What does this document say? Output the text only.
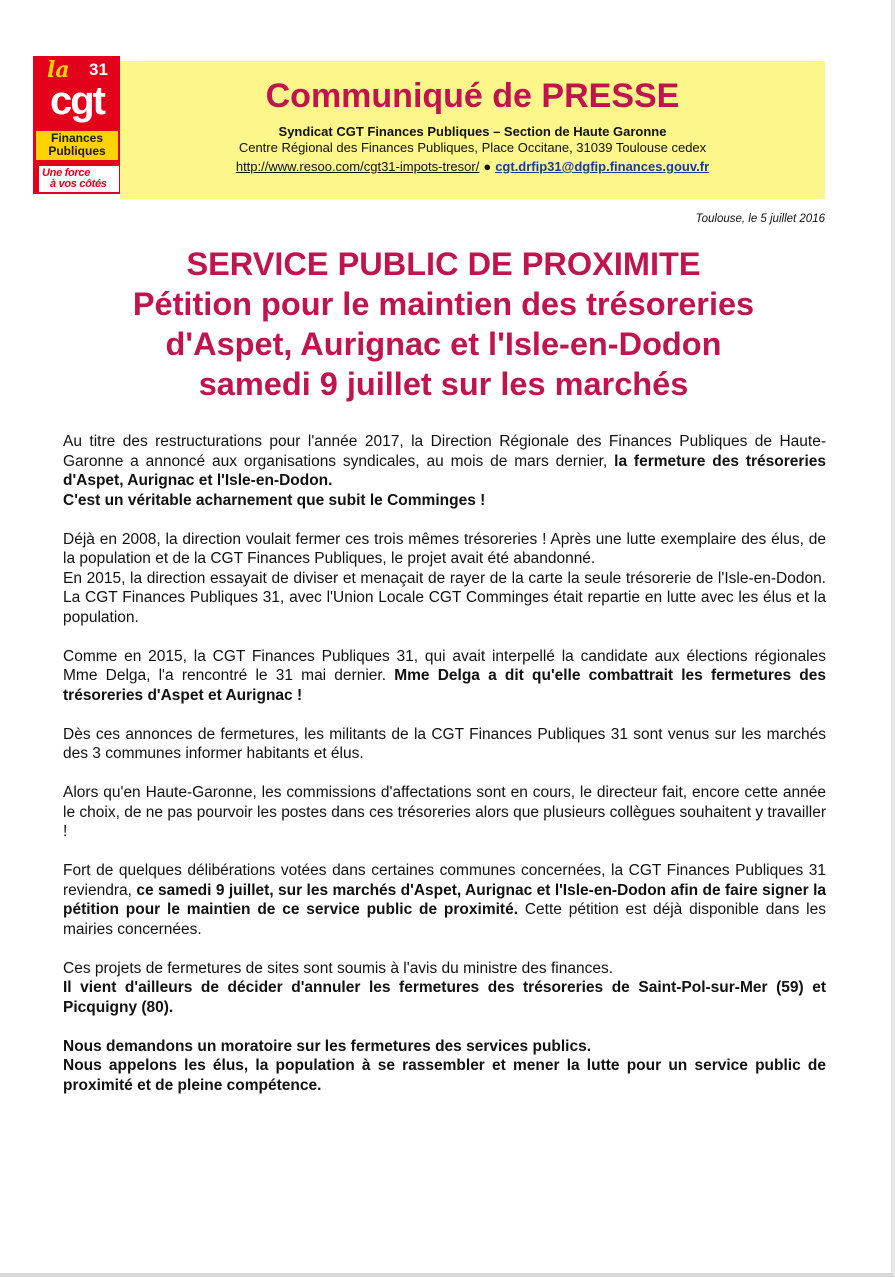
la 31
cgt
Finances
Publiques
Une force
à vos côtés
Communiqué de PRESSE
Syndicat CGT Finances Publiques – Section de Haute Garonne
Centre Régional des Finances Publiques, Place Occitane, 31039 Toulouse cedex
http://www.resoo.com/cgt31-impots-tresor/ ● cgt.drfip31@dgfip.finances.gouv.fr
Toulouse, le 5 juillet 2016
SERVICE PUBLIC DE PROXIMITE
Pétition pour le maintien des trésoreries
d'Aspet, Aurignac et l'Isle-en-Dodon
samedi 9 juillet sur les marchés

Au titre des restructurations pour l'année 2017, la Direction Régionale des Finances Publiques de Haute-Garonne a annoncé aux organisations syndicales, au mois de mars dernier, la fermeture des trésoreries d'Aspet, Aurignac et l'Isle-en-Dodon.
C'est un véritable acharnement que subit le Comminges !

Déjà en 2008, la direction voulait fermer ces trois mêmes trésoreries ! Après une lutte exemplaire des élus, de la population et de la CGT Finances Publiques, le projet avait été abandonné.
En 2015, la direction essayait de diviser et menaçait de rayer de la carte la seule trésorerie de l'Isle-en-Dodon. La CGT Finances Publiques 31, avec l'Union Locale CGT Comminges était repartie en lutte avec les élus et la population.

Comme en 2015, la CGT Finances Publiques 31, qui avait interpellé la candidate aux élections régionales Mme Delga, l'a rencontré le 31 mai dernier. Mme Delga a dit qu'elle combattrait les fermetures des trésoreries d'Aspet et Aurignac !

Dès ces annonces de fermetures, les militants de la CGT Finances Publiques 31 sont venus sur les marchés des 3 communes informer habitants et élus.

Alors qu'en Haute-Garonne, les commissions d'affectations sont en cours, le directeur fait, encore cette année le choix, de ne pas pourvoir les postes dans ces trésoreries alors que plusieurs collègues souhaitent y travailler !

Fort de quelques délibérations votées dans certaines communes concernées, la CGT Finances Publiques 31 reviendra, ce samedi 9 juillet, sur les marchés d'Aspet, Aurignac et l'Isle-en-Dodon afin de faire signer la pétition pour le maintien de ce service public de proximité. Cette pétition est déjà disponible dans les mairies concernées.

Ces projets de fermetures de sites sont soumis à l'avis du ministre des finances.
Il vient d'ailleurs de décider d'annuler les fermetures des trésoreries de Saint-Pol-sur-Mer (59) et Picquigny (80).

Nous demandons un moratoire sur les fermetures des services publics.
Nous appelons les élus, la population à se rassembler et mener la lutte pour un service public de proximité et de pleine compétence.
